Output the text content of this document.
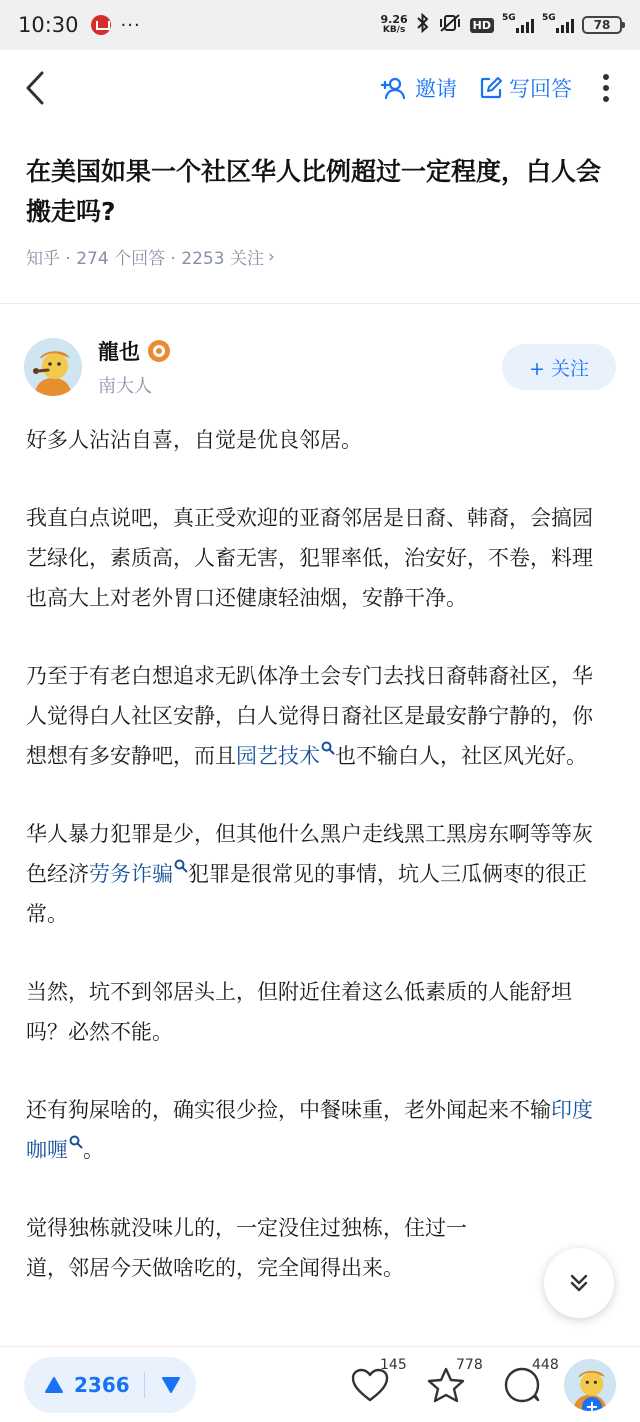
10:30 ···	9.26
KB/s	HD
5G	5G	78
邀请 写回答
在美国如果一个社区华人比例超过一定程度，白人会搬走吗?
知乎 · 274 个回答 · 2253 关注 ›
龍也
南大人
+ 关注

好多人沾沾自喜，自觉是优良邻居。

我直白点说吧，真正受欢迎的亚裔邻居是日裔、韩裔，会搞园艺绿化，素质高，人畜无害，犯罪率低，治安好，不卷，料理也高大上对老外胃口还健康轻油烟，安静干净。

乃至于有老白想追求无趴体净土会专门去找日裔韩裔社区，华人觉得白人社区安静，白人觉得日裔社区是最安静宁静的，你想想有多安静吧，而且园艺技术 也不输白人，社区风光好。

华人暴力犯罪是少，但其他什么黑户走线黑工黑房东啊等等灰色经济劳务诈骗 犯罪是很常见的事情，坑人三瓜俩枣的很正常。

当然，坑不到邻居头上，但附近住着这么低素质的人能舒坦吗？必然不能。

还有狗屎啥的，确实很少捡，中餐味重，老外闻起来不输印度咖喱 。

觉得独栋就没味儿的，一定没住过独栋，住过一
道，邻居今天做啥吃的，完全闻得出来。

2366
145	778	448
+
